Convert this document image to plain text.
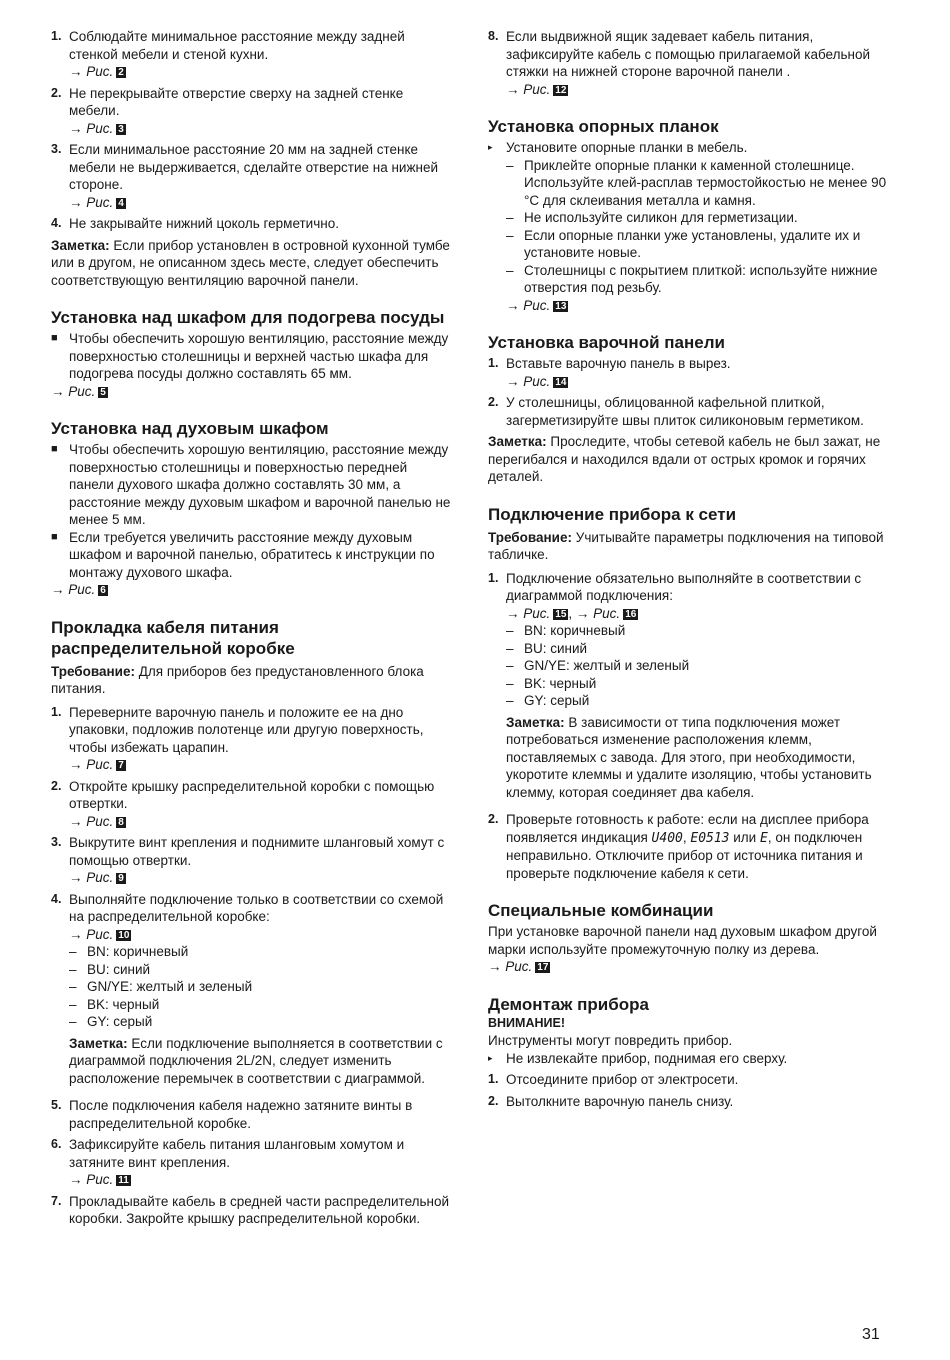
1. Соблюдайте минимальное расстояние между задней стенкой мебели и стеной кухни.

→ Рис. 2

2. Не перекрывайте отверстие сверху на задней стенке мебели.

→ Рис. 3

3. Если минимальное расстояние 20 мм на задней стенке мебели не выдерживается, сделайте отверстие на нижней стороне.

→ Рис. 4

4. Не закрывайте нижний цоколь герметично.

Заметка: Если прибор установлен в островной кухонной тумбе или в другом, не описанном здесь месте, следует обеспечить соответствующую вентиляцию варочной панели.

Установка над шкафом для подогрева посуды
■ Чтобы обеспечить хорошую вентиляцию, расстояние между поверхностью столешницы и верхней частью шкафа для подогрева посуды должно составлять 65 мм.

→ Рис. 5

Установка над духовым шкафом
■ Чтобы обеспечить хорошую вентиляцию, расстояние между поверхностью столешницы и поверхностью передней панели духового шкафа должно составлять 30 мм, а расстояние между духовым шкафом и варочной панелью не менее 5 мм.

■ Если требуется увеличить расстояние между духовым шкафом и варочной панелью, обратитесь к инструкции по монтажу духового шкафа.

→ Рис. 6

Прокладка кабеля питания распределительной коробке

Требование: Для приборов без предустановленного блока питания.

1. Переверните варочную панель и положите ее на дно упаковки, подложив полотенце или другую поверхность, чтобы избежать царапин.

→ Рис. 7

2. Откройте крышку распределительной коробки с помощью отвертки.

→ Рис. 8

3. Выкрутите винт крепления и поднимите шланговый хомут с помощью отвертки.

→ Рис. 9

4. Выполняйте подключение только в соответствии со схемой на распределительной коробке:

→ Рис. 10

– BN: коричневый
– BU: синий
– GN/YE: желтый и зеленый
– BK: черный
– GY: серый

Заметка: Если подключение выполняется в соответствии с диаграммой подключения 2L/2N, следует изменить расположение перемычек в соответствии с диаграммой.

5. После подключения кабеля надежно затяните винты в распределительной коробке.

6. Зафиксируйте кабель питания шланговым хомутом и затяните винт крепления.

→ Рис. 11

7. Прокладывайте кабель в средней части распределительной коробки. Закройте крышку распределительной коробки.

8. Если выдвижной ящик задевает кабель питания, зафиксируйте кабель с помощью прилагаемой кабельной стяжки на нижней стороне варочной панели .

→ Рис. 12

Установка опорных планок
▸ Установите опорные планки в мебель.

– Приклейте опорные планки к каменной столешнице. Используйте клей-расплав термостойкостью не менее 90 °C для склеивания металла и камня.
– Не используйте силикон для герметизации.
– Если опорные планки уже установлены, удалите их и установите новые.
– Столешницы с покрытием плиткой: используйте нижние отверстия под резьбу.

→ Рис. 13

Установка варочной панели
1. Вставьте варочную панель в вырез.

→ Рис. 14

2. У столешницы, облицованной кафельной плиткой, загерметизируйте швы плиток силиконовым герметиком.

Заметка: Проследите, чтобы сетевой кабель не был зажат, не перегибался и находился вдали от острых кромок и горячих деталей.

Подключение прибора к сети

Требование: Учитывайте параметры подключения на типовой табличке.

1. Подключение обязательно выполняйте в соответствии с диаграммой подключения:

→ Рис. 15 , → Рис. 16

– BN: коричневый
– BU: синий
– GN/YE: желтый и зеленый
– BK: черный
– GY: серый

Заметка: В зависимости от типа подключения может потребоваться изменение расположения клемм, поставляемых с завода. Для этого, при необходимости, укоротите клеммы и удалите изоляцию, чтобы установить клемму, которая соединяет два кабеля.

2. Проверьте готовность к работе: если на дисплее прибора появляется индикация U400, E0513 или E, он подключен неправильно. Отключите прибор от источника питания и проверьте подключение кабеля к сети.

Специальные комбинации

При установке варочной панели над духовым шкафом другой марки используйте промежуточную полку из дерева.

→ Рис. 17

Демонтаж прибора

ВНИМАНИЕ!

Инструменты могут повредить прибор.

▸ Не извлекайте прибор, поднимая его сверху.

1. Отсоедините прибор от электросети.

2. Вытолкните варочную панель снизу.

31
